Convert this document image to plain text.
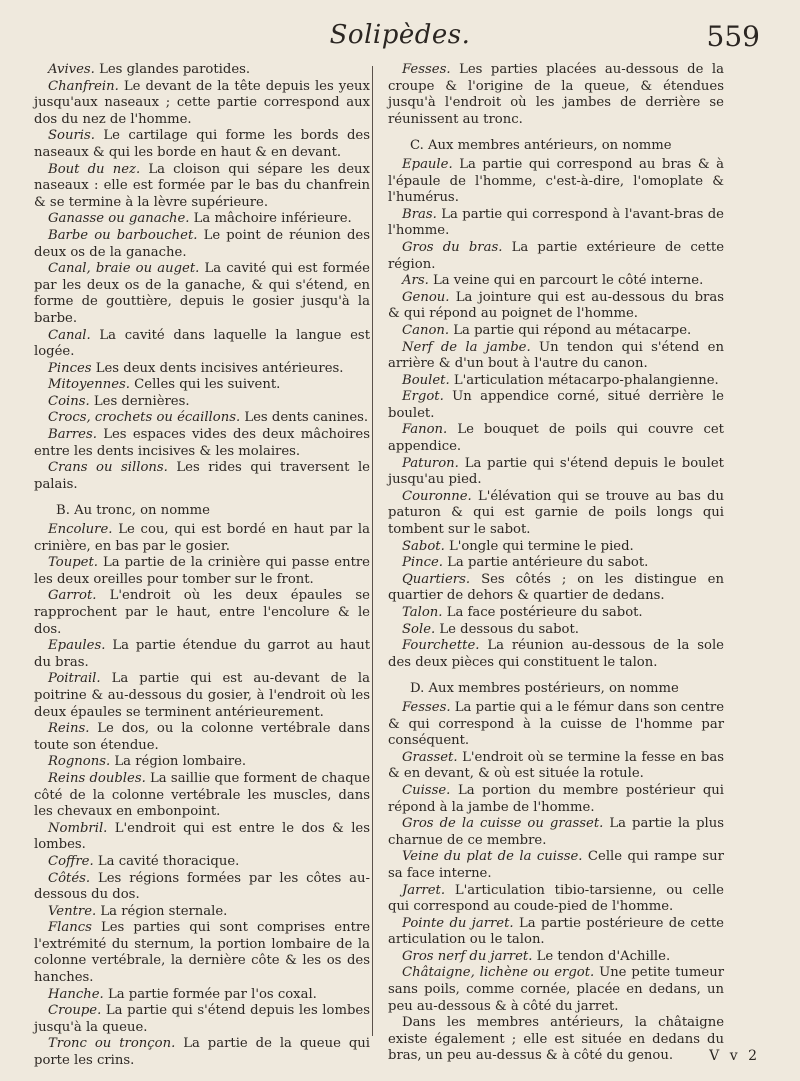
Solipèdes.	559

Avives. Les glandes parotides.

Chanfrein. Le devant de la tête depuis les yeux jusqu'aux naseaux ; cette partie correspond aux dos du nez de l'homme.

Souris. Le cartilage qui forme les bords des naseaux & qui les borde en haut & en devant.

Bout du nez. La cloison qui sépare les deux naseaux : elle est formée par le bas du chanfrein & se termine à la lèvre supérieure.

Ganasse ou ganache. La mâchoire inférieure.

Barbe ou barbouchet. Le point de réunion des deux os de la ganache.

Canal, braie ou auget. La cavité qui est formée par les deux os de la ganache, & qui s'étend, en forme de gouttière, depuis le gosier jusqu'à la barbe.

Canal. La cavité dans laquelle la langue est logée.

Pinces Les deux dents incisives antérieures.

Mitoyennes. Celles qui les suivent.

Coins. Les dernières.

Crocs, crochets ou écaillons. Les dents canines.

Barres. Les espaces vides des deux mâchoires entre les dents incisives & les molaires.

Crans ou sillons. Les rides qui traversent le palais.

B. Au tronc, on nomme

Encolure. Le cou, qui est bordé en haut par la crinière, en bas par le gosier.

Toupet. La partie de la crinière qui passe entre les deux oreilles pour tomber sur le front.

Garrot. L'endroit où les deux épaules se rapprochent par le haut, entre l'encolure & le dos.

Epaules. La partie étendue du garrot au haut du bras.

Poitrail. La partie qui est au-devant de la poitrine & au-dessous du gosier, à l'endroit où les deux épaules se terminent antérieurement.

Reins. Le dos, ou la colonne vertébrale dans toute son étendue.

Rognons. La région lombaire.

Reins doubles. La saillie que forment de chaque côté de la colonne vertébrale les muscles, dans les chevaux en embonpoint.

Nombril. L'endroit qui est entre le dos & les lombes.

Coffre. La cavité thoracique.

Côtés. Les régions formées par les côtes au-dessous du dos.

Ventre. La région sternale.

Flancs Les parties qui sont comprises entre l'extrémité du sternum, la portion lombaire de la colonne vertébrale, la dernière côte & les os des hanches.

Hanche. La partie formée par l'os coxal.

Croupe. La partie qui s'étend depuis les lombes jusqu'à la queue.

Tronc ou tronçon. La partie de la queue qui porte les crins.

Fesses. Les parties placées au-dessous de la croupe & l'origine de la queue, & étendues jusqu'à l'endroit où les jambes de derrière se réunissent au tronc.

C. Aux membres antérieurs, on nomme

Epaule. La partie qui correspond au bras & à l'épaule de l'homme, c'est-à-dire, l'omoplate & l'humérus.

Bras. La partie qui correspond à l'avant-bras de l'homme.

Gros du bras. La partie extérieure de cette région.

Ars. La veine qui en parcourt le côté interne.

Genou. La jointure qui est au-dessous du bras & qui répond au poignet de l'homme.

Canon. La partie qui répond au métacarpe.

Nerf de la jambe. Un tendon qui s'étend en arrière & d'un bout à l'autre du canon.

Boulet. L'articulation métacarpo-phalangienne.

Ergot. Un appendice corné, situé derrière le boulet.

Fanon. Le bouquet de poils qui couvre cet appendice.

Paturon. La partie qui s'étend depuis le boulet jusqu'au pied.

Couronne. L'élévation qui se trouve au bas du paturon & qui est garnie de poils longs qui tombent sur le sabot.

Sabot. L'ongle qui termine le pied.

Pince. La partie antérieure du sabot.

Quartiers. Ses côtés ; on les distingue en quartier de dehors & quartier de dedans.

Talon. La face postérieure du sabot.

Sole. Le dessous du sabot.

Fourchette. La réunion au-dessous de la sole des deux pièces qui constituent le talon.

D. Aux membres postérieurs, on nomme

Fesses. La partie qui a le fémur dans son centre & qui correspond à la cuisse de l'homme par conséquent.

Grasset. L'endroit où se termine la fesse en bas & en devant, & où est située la rotule.

Cuisse. La portion du membre postérieur qui répond à la jambe de l'homme.

Gros de la cuisse ou grasset. La partie la plus charnue de ce membre.

Veine du plat de la cuisse. Celle qui rampe sur sa face interne.

Jarret. L'articulation tibio-tarsienne, ou celle qui correspond au coude-pied de l'homme.

Pointe du jarret. La partie postérieure de cette articulation ou le talon.

Gros nerf du jarret. Le tendon d'Achille.

Châtaigne, lichène ou ergot. Une petite tumeur sans poils, comme cornée, placée en dedans, un peu au-dessous & à côté du jarret.

Dans les membres antérieurs, la châtaigne existe également ; elle est située en dedans du bras, un peu au-dessus & à côté du genou.	V v 2
